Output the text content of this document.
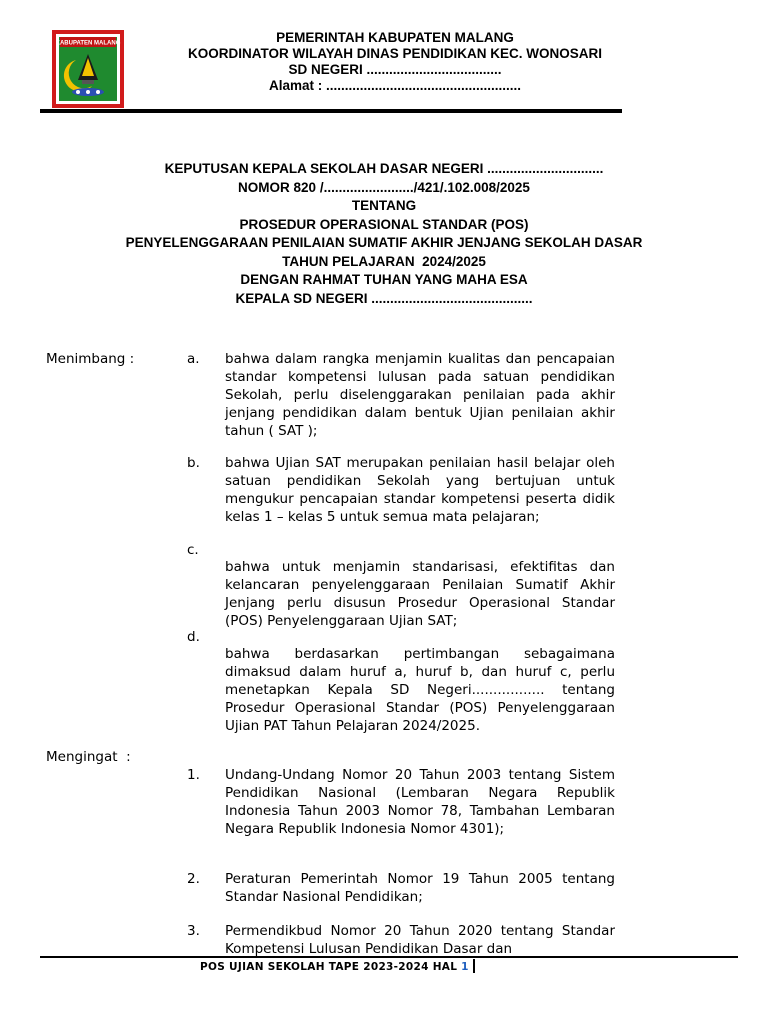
KABUPATEN MALANG	PEMERINTAH KABUPATEN MALANG
KOORDINATOR WILAYAH DINAS PENDIDIKAN KEC. WONOSARI
SD NEGERI ....................................
Alamat : ....................................................
KEPUTUSAN KEPALA SEKOLAH DASAR NEGERI ...............................
NOMOR 820 /......................../421/.102.008/2025
TENTANG
PROSEDUR OPERASIONAL STANDAR (POS)
PENYELENGGARAAN PENILAIAN SUMATIF AKHIR JENJANG SEKOLAH DASAR
TAHUN PELAJARAN  2024/2025
DENGAN RAHMAT TUHAN YANG MAHA ESA
KEPALA SD NEGERI ...........................................
Menimbang :	a. bahwa dalam rangka menjamin kualitas dan pencapaian standar kompetensi lulusan pada satuan pendidikan Sekolah, perlu diselenggarakan penilaian pada akhir jenjang pendidikan dalam bentuk Ujian penilaian akhir tahun ( SAT );
b. bahwa Ujian SAT merupakan penilaian hasil belajar oleh satuan pendidikan Sekolah yang bertujuan untuk mengukur pencapaian standar kompetensi peserta didik kelas 1 – kelas 5 untuk semua mata pelajaran;
c.
bahwa untuk menjamin standarisasi, efektifitas dan kelancaran penyelenggaraan Penilaian Sumatif Akhir Jenjang perlu disusun Prosedur Operasional Standar (POS) Penyelenggaraan Ujian SAT;
d.
bahwa berdasarkan pertimbangan sebagaimana dimaksud dalam huruf a, huruf b, dan huruf c, perlu menetapkan Kepala SD Negeri................. tentang Prosedur Operasional Standar (POS) Penyelenggaraan Ujian PAT Tahun Pelajaran 2024/2025.
Mengingat  :
1. Undang-Undang Nomor 20 Tahun 2003 tentang Sistem Pendidikan Nasional (Lembaran Negara Republik Indonesia Tahun 2003 Nomor 78, Tambahan Lembaran Negara Republik Indonesia Nomor 4301);
2. Peraturan Pemerintah Nomor 19 Tahun 2005 tentang Standar Nasional Pendidikan;
3. Permendikbud Nomor 20 Tahun 2020 tentang Standar Kompetensi Lulusan Pendidikan Dasar dan
POS UJIAN SEKOLAH TAPE 2023-2024 HAL 1
